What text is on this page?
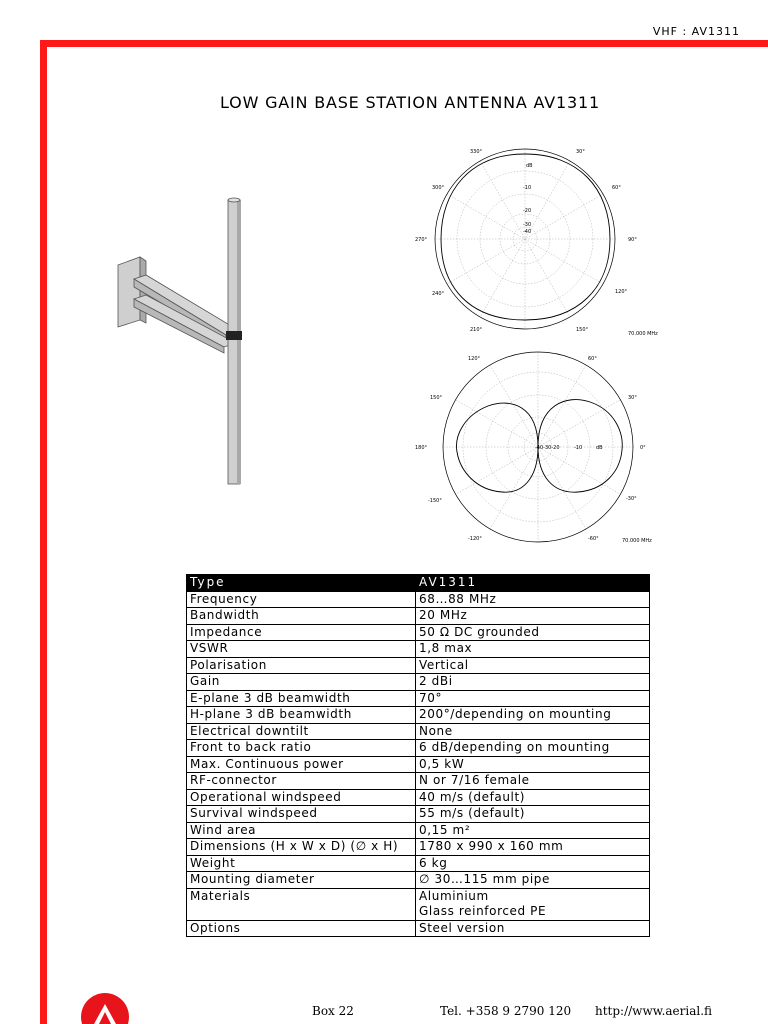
VHF : AV1311
LOW GAIN BASE STATION ANTENNA AV1311
330°	30°
300°	60°
270°	90°
240°	120°
210°	150°
dB
-10
-20
-30
-40
70.000 MHz
120°	60°
150°	30°
180°	0°
-150°	-30°
-120°	-60°
-40-30-20	-10	dB
70.000 MHz
Type	AV1311
Frequency	68…88 MHz
Bandwidth	20 MHz
Impedance	50 Ω DC grounded
VSWR	1,8 max
Polarisation	Vertical
Gain	2 dBi
E-plane 3 dB beamwidth	70°
H-plane 3 dB beamwidth	200°/depending on mounting
Electrical downtilt	None
Front to back ratio	6 dB/depending on mounting
Max. Continuous power	0,5 kW
RF-connector	N or 7/16 female
Operational windspeed	40 m/s (default)
Survival windspeed	55 m/s (default)
Wind area	0,15 m²
Dimensions (H x W x D) (∅ x H)	1780 x 990 x 160 mm
Weight	6 kg
Mounting diameter	∅ 30…115 mm pipe
Materials	Aluminium
Glass reinforced PE

Options	Steel version
Box 22	Tel. +358 9 2790 120 http://www.aerial.fi
